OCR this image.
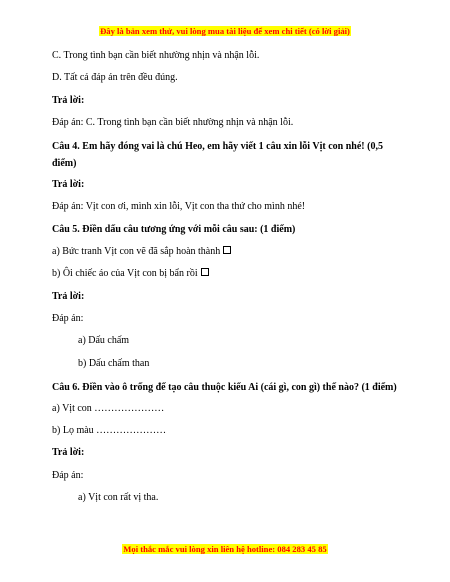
Đây là bản xem thử, vui lòng mua tài liệu để xem chi tiết (có lời giải)
C. Trong tình bạn cần biết nhường nhịn và nhận lỗi.
D. Tất cả đáp án trên đều đúng.
Trả lời:
Đáp án: C. Trong tình bạn cần biết nhường nhịn và nhận lỗi.
Câu 4. Em hãy đóng vai là chú Heo, em hãy viết 1 câu xin lỗi Vịt con nhé! (0,5 điểm)
Trả lời:
Đáp án: Vịt con ơi, mình xin lỗi, Vịt con tha thứ cho mình nhé!
Câu 5. Điền dấu câu tương ứng với mỗi câu sau: (1 điểm)
a) Bức tranh Vịt con vẽ đã sắp hoàn thành
b) Ôi chiếc áo của Vịt con bị bẩn rồi
Trả lời:
Đáp án:
a) Dấu chấm
b) Dấu chấm than
Câu 6. Điền vào ô trống để tạo câu thuộc kiểu Ai (cái gì, con gì) thế nào? (1 điểm)
a) Vịt con …………………
b) Lọ màu …………………
Trả lời:
Đáp án:
a) Vịt con rất vị tha.
Mọi thắc mắc vui lòng xin liên hệ hotline: 084 283 45 85
